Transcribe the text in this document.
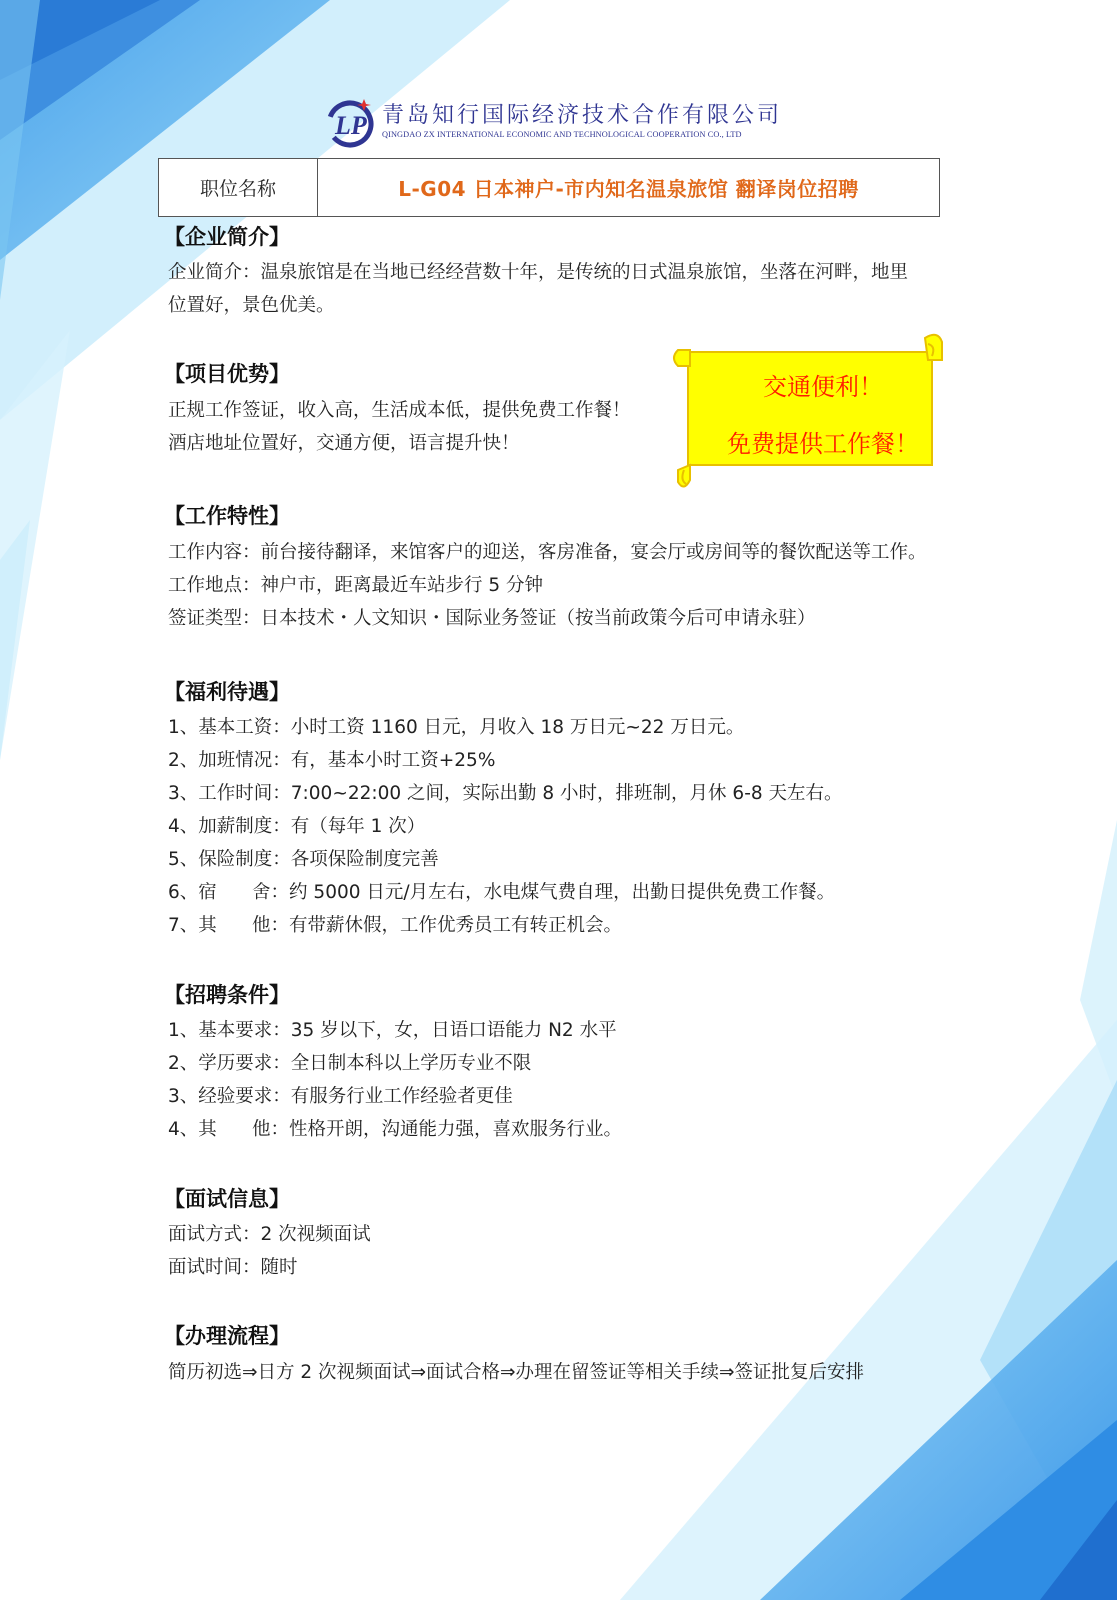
LP 青岛知行国际经济技术合作有限公司
QINGDAO ZX INTERNATIONAL ECONOMIC AND TECHNOLOGICAL COOPERATION CO., LTD
职位名称	L-G04 日本神户-市内知名温泉旅馆 翻译岗位招聘
【企业简介】
企业简介：温泉旅馆是在当地已经经营数十年，是传统的日式温泉旅馆，坐落在河畔，地里
位置好，景色优美。
【项目优势】
正规工作签证，收入高，生活成本低，提供免费工作餐！
酒店地址位置好，交通方便，语言提升快！
交通便利！
免费提供工作餐！
【工作特性】
工作内容：前台接待翻译，来馆客户的迎送，客房准备，宴会厅或房间等的餐饮配送等工作。
工作地点：神户市，距离最近车站步行 5 分钟
签证类型：日本技术・人文知识・国际业务签证（按当前政策今后可申请永驻）
【福利待遇】
1、基本工资：小时工资 1160 日元，月收入 18 万日元~22 万日元。
2、加班情况：有，基本小时工资+25%
3、工作时间：7:00~22:00 之间，实际出勤 8 小时，排班制，月休 6-8 天左右。
4、加薪制度：有（每年 1 次）
5、保险制度：各项保险制度完善
6、宿      舍：约 5000 日元/月左右，水电煤气费自理，出勤日提供免费工作餐。
7、其      他：有带薪休假，工作优秀员工有转正机会。
【招聘条件】
1、基本要求：35 岁以下，女，日语口语能力 N2 水平
2、学历要求：全日制本科以上学历专业不限
3、经验要求：有服务行业工作经验者更佳
4、其      他：性格开朗，沟通能力强，喜欢服务行业。
【面试信息】
面试方式：2 次视频面试
面试时间：随时
【办理流程】
简历初选⇒日方 2 次视频面试⇒面试合格⇒办理在留签证等相关手续⇒签证批复后安排
